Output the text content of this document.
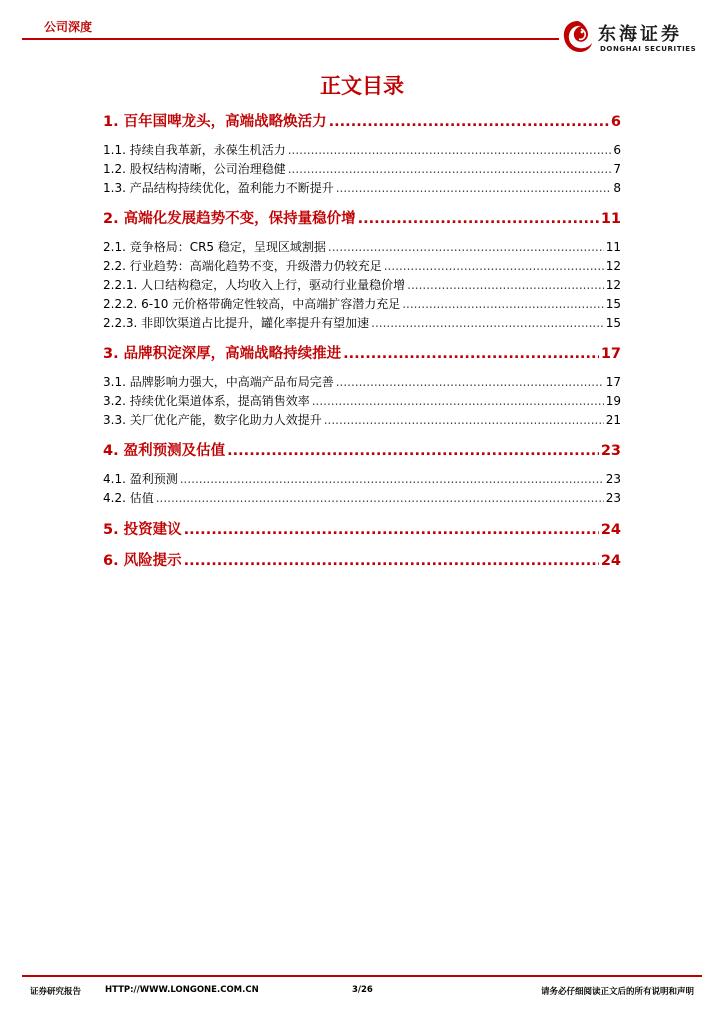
公司深度	东海证券
DONGHAI SECURITIES
正文目录
1. 百年国啤龙头，高端战略焕活力 .....	6
1.1. 持续自我革新，永葆生机活力 .....	6
1.2. 股权结构清晰，公司治理稳健 .....	7
1.3. 产品结构持续优化，盈利能力不断提升 .....	8
2. 高端化发展趋势不变，保持量稳价增 .....	11
2.1. 竞争格局：CR5 稳定，呈现区域割据 .....	11
2.2. 行业趋势：高端化趋势不变，升级潜力仍较充足 .....	12
2.2.1. 人口结构稳定，人均收入上行，驱动行业量稳价增 .....	12
2.2.2. 6-10 元价格带确定性较高，中高端扩容潜力充足 .....	15
2.2.3. 非即饮渠道占比提升，罐化率提升有望加速 .....	15
3. 品牌积淀深厚，高端战略持续推进 .....	17
3.1. 品牌影响力强大，中高端产品布局完善 .....	17
3.2. 持续优化渠道体系，提高销售效率 .....	19
3.3. 关厂优化产能，数字化助力人效提升 .....	21
4. 盈利预测及估值 .....	23
4.1. 盈利预测 .....	23
4.2. 估值 .....	23
5. 投资建议 .....	24
6. 风险提示 .....	24
证券研究报告	HTTP://WWW.LONGONE.COM.CN	3/26	请务必仔细阅读正文后的所有说明和声明
